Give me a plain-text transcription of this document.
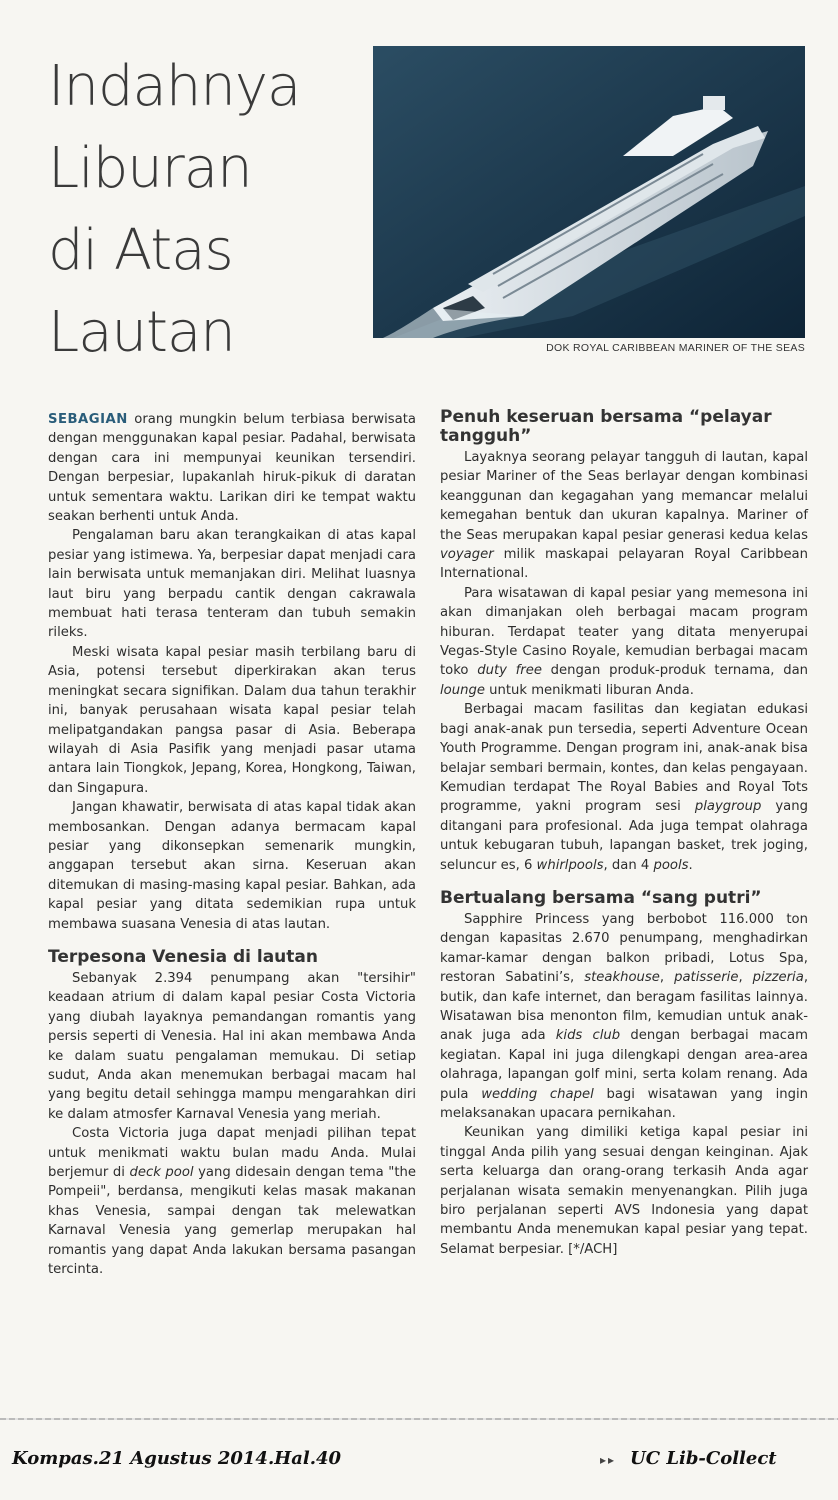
Indahnya
Liburan
di Atas
Lautan	DOK ROYAL CARIBBEAN MARINER OF THE SEAS

SEBAGIAN orang mungkin belum terbiasa berwisata dengan menggunakan kapal pesiar. Padahal, berwisata dengan cara ini mempunyai keunikan tersendiri. Dengan berpesiar, lupakanlah hiruk-pikuk di daratan untuk sementara waktu. Larikan diri ke tempat waktu seakan berhenti untuk Anda.

Pengalaman baru akan terangkaikan di atas kapal pesiar yang istimewa. Ya, berpesiar dapat menjadi cara lain berwisata untuk memanjakan diri. Melihat luasnya laut biru yang berpadu cantik dengan cakrawala membuat hati terasa tenteram dan tubuh semakin rileks.

Meski wisata kapal pesiar masih terbilang baru di Asia, potensi tersebut diperkirakan akan terus meningkat secara signifikan. Dalam dua tahun terakhir ini, banyak perusahaan wisata kapal pesiar telah melipatgandakan pangsa pasar di Asia. Beberapa wilayah di Asia Pasifik yang menjadi pasar utama antara lain Tiongkok, Jepang, Korea, Hongkong, Taiwan, dan Singapura.

Jangan khawatir, berwisata di atas kapal tidak akan membosankan. Dengan adanya bermacam kapal pesiar yang dikonsepkan semenarik mungkin, anggapan tersebut akan sirna. Keseruan akan ditemukan di masing-masing kapal pesiar. Bahkan, ada kapal pesiar yang ditata sedemikian rupa untuk membawa suasana Venesia di atas lautan.

Terpesona Venesia di lautan

Sebanyak 2.394 penumpang akan "tersihir" keadaan atrium di dalam kapal pesiar Costa Victoria yang diubah layaknya pemandangan romantis yang persis seperti di Venesia. Hal ini akan membawa Anda ke dalam suatu pengalaman memukau. Di setiap sudut, Anda akan menemukan berbagai macam hal yang begitu detail sehingga mampu mengarahkan diri ke dalam atmosfer Karnaval Venesia yang meriah.

Costa Victoria juga dapat menjadi pilihan tepat untuk menikmati waktu bulan madu Anda. Mulai berjemur di deck pool yang didesain dengan tema "the Pompeii", berdansa, mengikuti kelas masak makanan khas Venesia, sampai dengan tak melewatkan Karnaval Venesia yang gemerlap merupakan hal romantis yang dapat Anda lakukan bersama pasangan tercinta.

Penuh keseruan bersama “pelayar tangguh”

Layaknya seorang pelayar tangguh di lautan, kapal pesiar Mariner of the Seas berlayar dengan kombinasi keanggunan dan kegagahan yang memancar melalui kemegahan bentuk dan ukuran kapalnya. Mariner of the Seas merupakan kapal pesiar generasi kedua kelas voyager milik maskapai pelayaran Royal Caribbean International.

Para wisatawan di kapal pesiar yang memesona ini akan dimanjakan oleh berbagai macam program hiburan. Terdapat teater yang ditata menyerupai Vegas-Style Casino Royale, kemudian berbagai macam toko duty free dengan produk-produk ternama, dan lounge untuk menikmati liburan Anda.

Berbagai macam fasilitas dan kegiatan edukasi bagi anak-anak pun tersedia, seperti Adventure Ocean Youth Programme. Dengan program ini, anak-anak bisa belajar sembari bermain, kontes, dan kelas pengayaan. Kemudian terdapat The Royal Babies and Royal Tots programme, yakni program sesi playgroup yang ditangani para profesional. Ada juga tempat olahraga untuk kebugaran tubuh, lapangan basket, trek joging, seluncur es, 6 whirlpools, dan 4 pools.

Bertualang bersama “sang putri”

Sapphire Princess yang berbobot 116.000 ton dengan kapasitas 2.670 penumpang, menghadirkan kamar-kamar dengan balkon pribadi, Lotus Spa, restoran Sabatini’s, steakhouse, patisserie, pizzeria, butik, dan kafe internet, dan beragam fasilitas lainnya. Wisatawan bisa menonton film, kemudian untuk anak-anak juga ada kids club dengan berbagai macam kegiatan. Kapal ini juga dilengkapi dengan area-area olahraga, lapangan golf mini, serta kolam renang. Ada pula wedding chapel bagi wisatawan yang ingin melaksanakan upacara pernikahan.

Keunikan yang dimiliki ketiga kapal pesiar ini tinggal Anda pilih yang sesuai dengan keinginan. Ajak serta keluarga dan orang-orang terkasih Anda agar perjalanan wisata semakin menyenangkan. Pilih juga biro perjalanan seperti AVS Indonesia yang dapat membantu Anda menemukan kapal pesiar yang tepat. Selamat berpesiar. [*/ACH]

Kompas.21 Agustus 2014.Hal.40	▸▸ UC Lib-Collect
